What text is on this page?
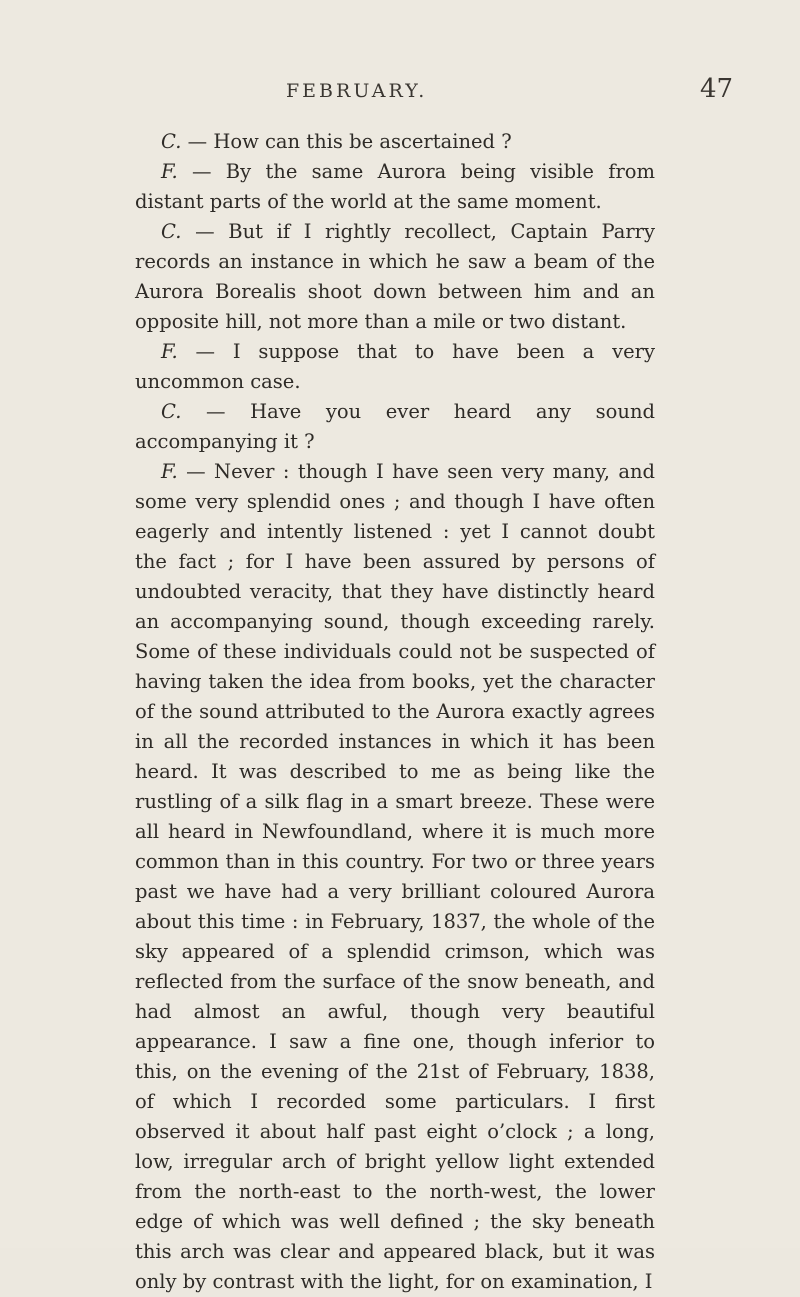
FEBRUARY.	47

C. — How can this be ascertained ?

F. — By the same Aurora being visible from distant parts of the world at the same moment.

C. — But if I rightly recollect, Captain Parry records an instance in which he saw a beam of the Aurora Borealis shoot down between him and an opposite hill, not more than a mile or two distant.

F. — I suppose that to have been a very uncommon case.

C. — Have you ever heard any sound accompanying it ?

F. — Never : though I have seen very many, and some very splendid ones ; and though I have often eagerly and intently listened : yet I cannot doubt the fact ; for I have been assured by persons of undoubted veracity, that they have distinctly heard an accompanying sound, though exceeding rarely. Some of these individuals could not be suspected of having taken the idea from books, yet the character of the sound attributed to the Aurora exactly agrees in all the recorded instances in which it has been heard. It was described to me as being like the rustling of a silk flag in a smart breeze. These were all heard in Newfoundland, where it is much more common than in this country. For two or three years past we have had a very brilliant coloured Aurora about this time : in February, 1837, the whole of the sky appeared of a splendid crimson, which was reflected from the surface of the snow beneath, and had almost an awful, though very beautiful appearance. I saw a fine one, though inferior to this, on the evening of the 21st of February, 1838, of which I recorded some particulars. I first observed it about half past eight o’clock ; a long, low, irregular arch of bright yellow light extended from the north-east to the north-west, the lower edge of which was well defined ; the sky beneath this arch was clear and appeared black, but it was only by contrast with the light, for on examination, I
